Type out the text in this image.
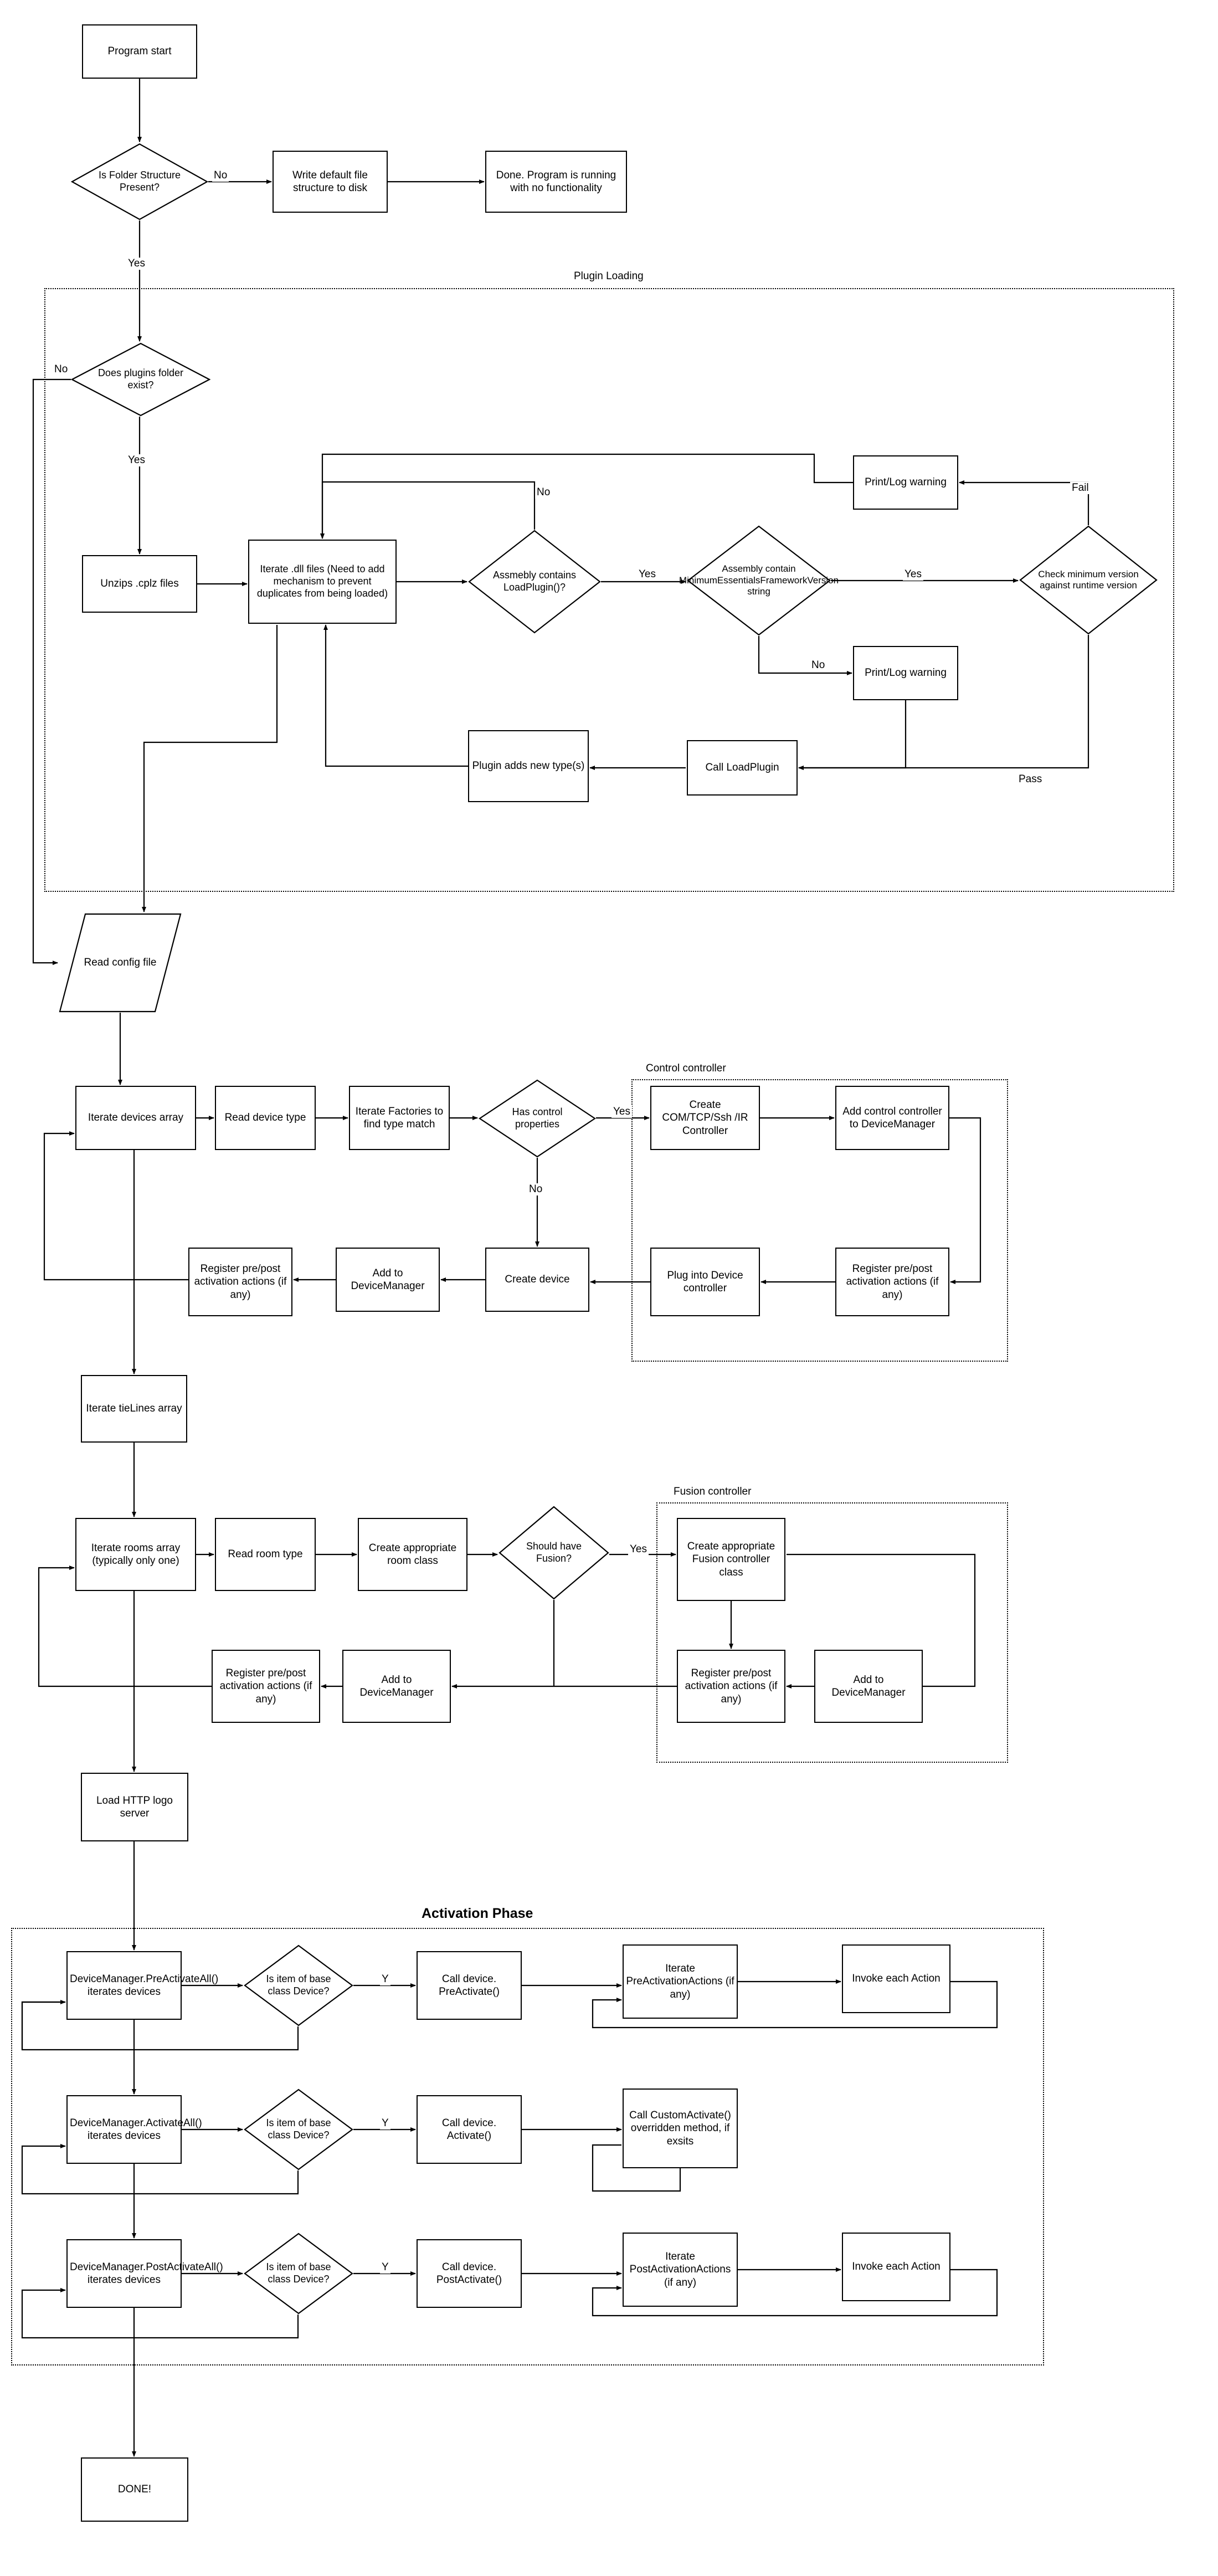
Plugin Loading
Control controller
Fusion controller
Activation Phase
Program start
Is Folder Structure Present?
Write default file structure to disk
Done. Program is running with no functionality
Does plugins folder exist?
Unzips .cplz files
Iterate .dll files (Need to add mechanism to prevent duplicates from being loaded)
Assmebly contains LoadPlugin()?
Assembly contain MinimumEssentialsFrameworkVersion string
Check minimum version against runtime version
Print/Log warning
Print/Log warning
Call LoadPlugin
Plugin adds new type(s)
Read config file
Iterate devices array	Read device type
Iterate Factories to find type match
Has control properties
Create COM/TCP/Ssh /IR Controller
Add control controller to DeviceManager
Register pre/post activation actions (if any)
Plug into Device controller
Create device
Add to DeviceManager
Register pre/post activation actions (if any)
Iterate tieLines array
Iterate rooms array (typically only one)
Read room type
Create appropriate room class
Should have Fusion?
Create appropriate Fusion controller class
Register pre/post activation actions (if any)
Add to DeviceManager
Add to DeviceManager
Register pre/post activation actions (if any)
Load HTTP logo server
DeviceManager.PreActivateAll() iterates devices
Is item of base class Device?
Call device. PreActivate()
Iterate PreActivationActions (if any)
Invoke each Action
DeviceManager.ActivateAll() iterates devices
Is item of base class Device?
Call device. Activate()
Call CustomActivate() overridden method, if exsits
DeviceManager.PostActivateAll() iterates devices
Is item of base class Device?
Call device. PostActivate()
Iterate PostActivationActions (if any)
Invoke each Action
DONE!
No
Yes
No
Yes
No
Yes	Yes
No
Fail
Pass
Yes
No
Yes
Y
Y
Y
